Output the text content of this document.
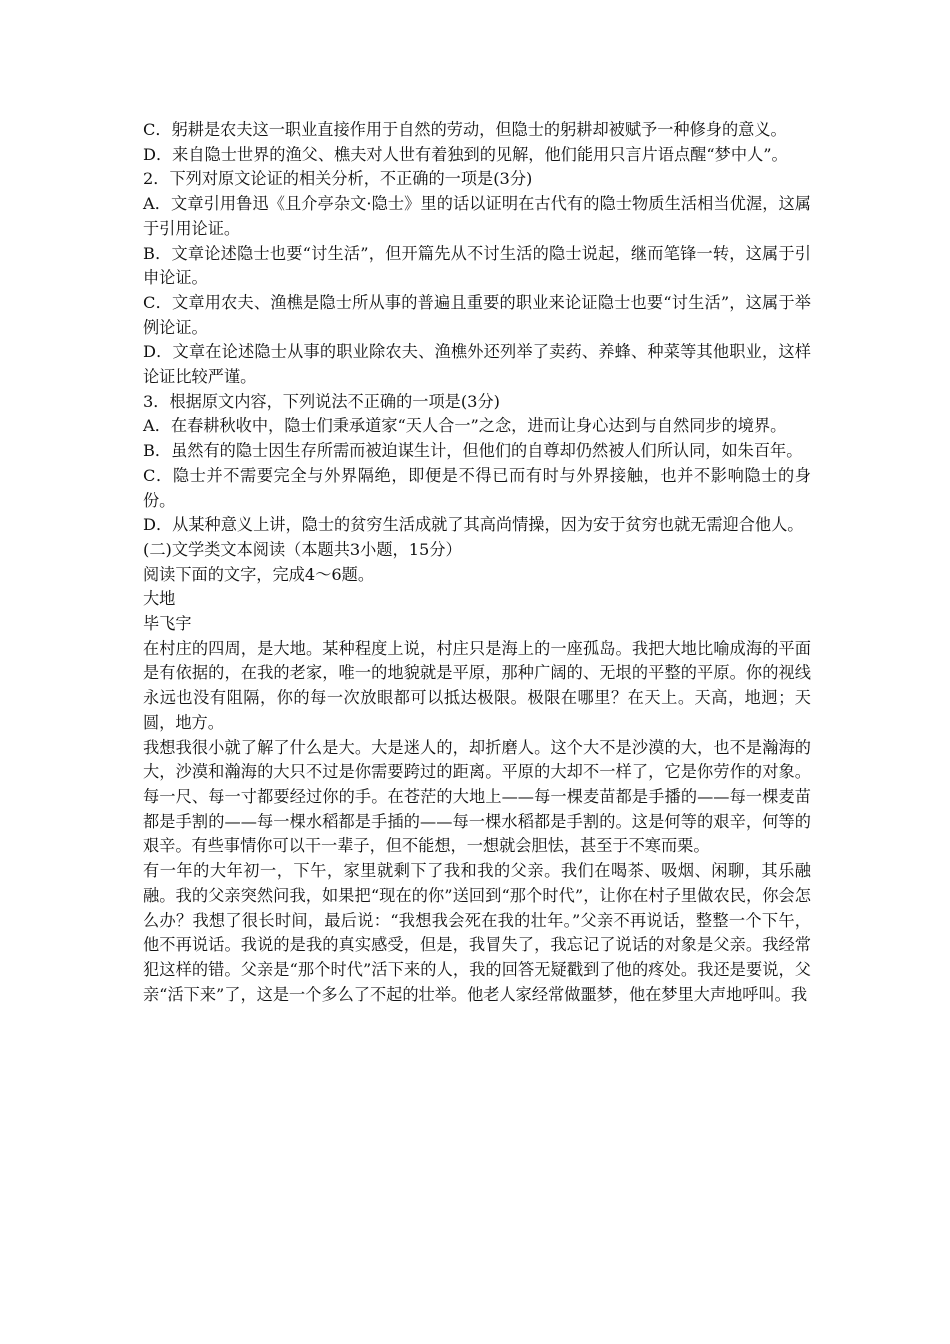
C．躬耕是农夫这一职业直接作用于自然的劳动，但隐士的躬耕却被赋予一种修身的意义。

D．来自隐士世界的渔父、樵夫对人世有着独到的见解，他们能用只言片语点醒“梦中人”。

2．下列对原文论证的相关分析，不正确的一项是(3分)

A．文章引用鲁迅《且介亭杂文·隐士》里的话以证明在古代有的隐士物质生活相当优渥，这属于引用论证。

B．文章论述隐士也要“讨生活”，但开篇先从不讨生活的隐士说起，继而笔锋一转，这属于引申论证。

C．文章用农夫、渔樵是隐士所从事的普遍且重要的职业来论证隐士也要“讨生活”，这属于举例论证。

D．文章在论述隐士从事的职业除农夫、渔樵外还列举了卖药、养蜂、种菜等其他职业，这样论证比较严谨。

3．根据原文内容，下列说法不正确的一项是(3分)

A．在春耕秋收中，隐士们秉承道家“天人合一”之念，进而让身心达到与自然同步的境界。

B．虽然有的隐士因生存所需而被迫谋生计，但他们的自尊却仍然被人们所认同，如朱百年。

C．隐士并不需要完全与外界隔绝，即便是不得已而有时与外界接触，也并不影响隐士的身份。

D．从某种意义上讲，隐士的贫穷生活成就了其高尚情操，因为安于贫穷也就无需迎合他人。

(二)文学类文本阅读（本题共3小题，15分）

阅读下面的文字，完成4～6题。

大地

毕飞宇

在村庄的四周，是大地。某种程度上说，村庄只是海上的一座孤岛。我把大地比喻成海的平面是有依据的，在我的老家，唯一的地貌就是平原，那种广阔的、无垠的平整的平原。你的视线永远也没有阻隔，你的每一次放眼都可以抵达极限。极限在哪里？在天上。天高，地迥；天圆，地方。

我想我很小就了解了什么是大。大是迷人的，却折磨人。这个大不是沙漠的大，也不是瀚海的大，沙漠和瀚海的大只不过是你需要跨过的距离。平原的大却不一样了，它是你劳作的对象。每一尺、每一寸都要经过你的手。在苍茫的大地上——每一棵麦苗都是手播的——每一棵麦苗都是手割的——每一棵水稻都是手插的——每一棵水稻都是手割的。这是何等的艰辛，何等的艰辛。有些事情你可以干一辈子，但不能想，一想就会胆怯，甚至于不寒而栗。

有一年的大年初一，下午，家里就剩下了我和我的父亲。我们在喝茶、吸烟、闲聊，其乐融融。我的父亲突然问我，如果把“现在的你”送回到“那个时代”，让你在村子里做农民，你会怎么办？我想了很长时间，最后说：“我想我会死在我的壮年。”父亲不再说话，整整一个下午，他不再说话。我说的是我的真实感受，但是，我冒失了，我忘记了说话的对象是父亲。我经常犯这样的错。父亲是“那个时代”活下来的人，我的回答无疑戳到了他的疼处。我还是要说，父亲“活下来”了，这是一个多么了不起的壮举。他老人家经常做噩梦，他在梦里大声地呼叫。我
